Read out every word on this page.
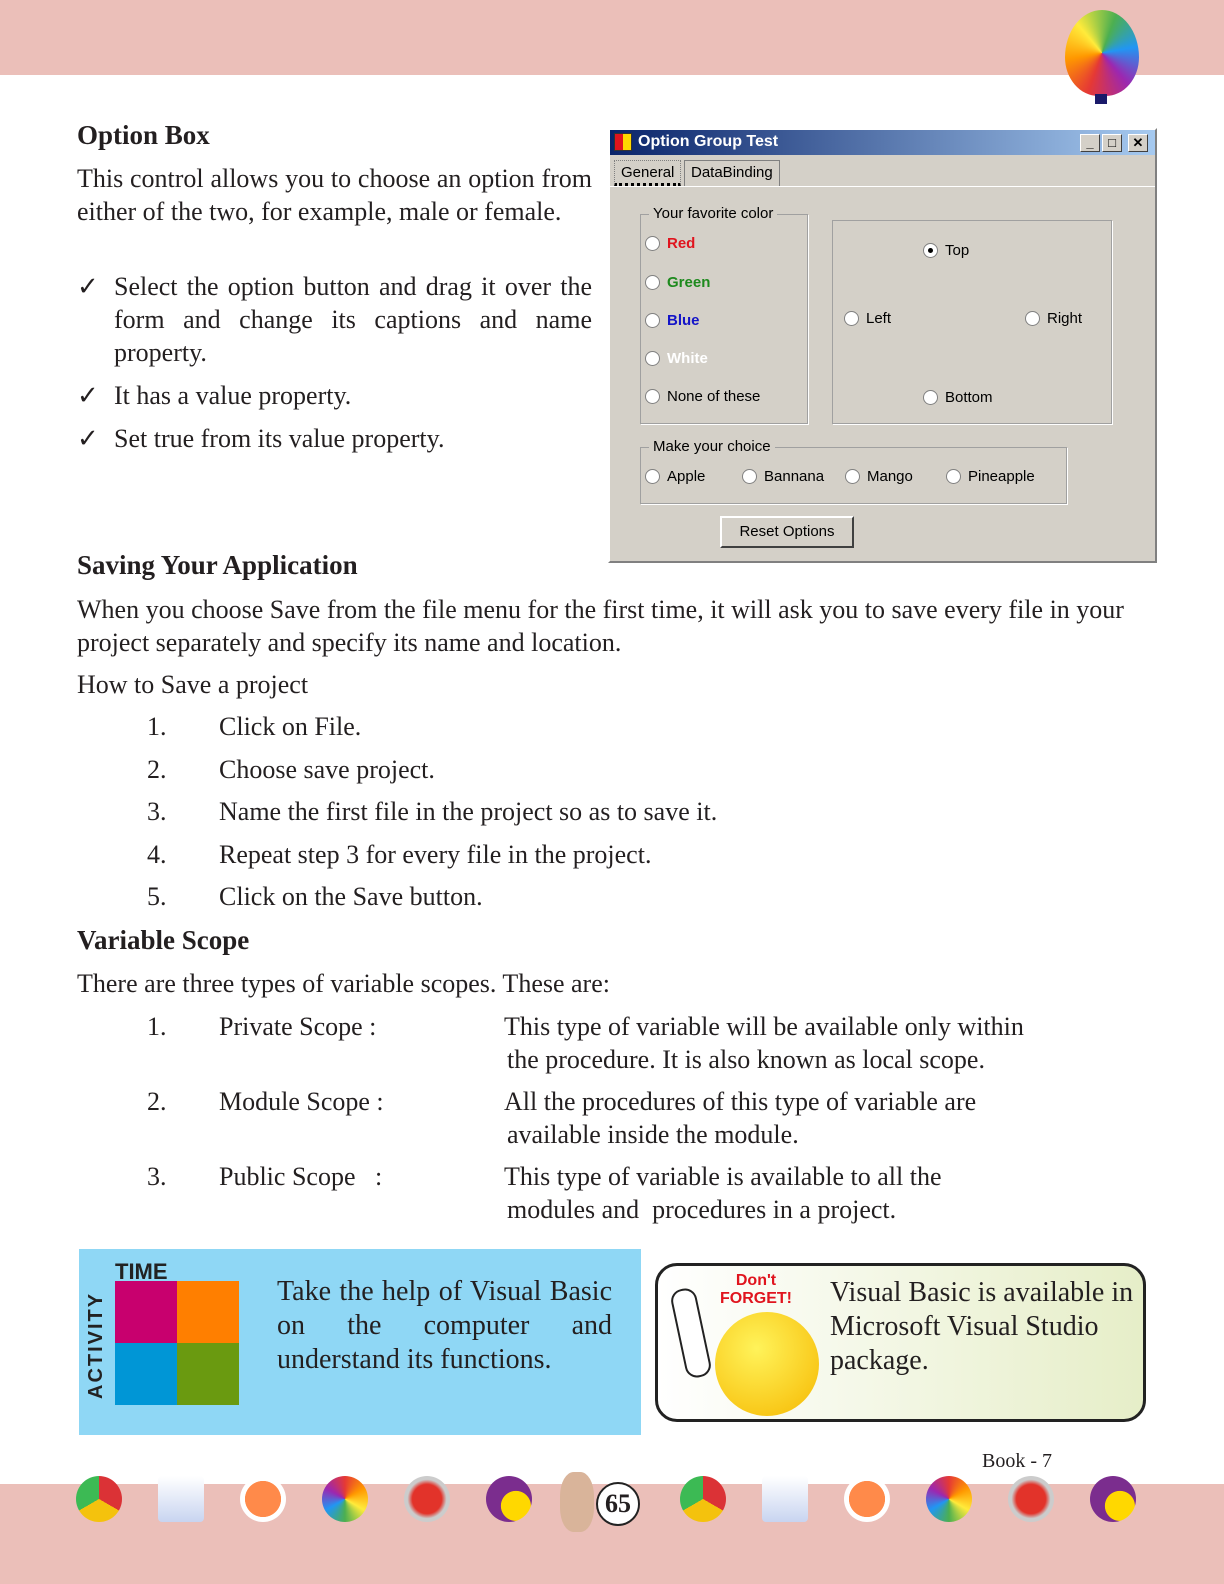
Option Box
This control allows you to choose an option from either of the two, for example, male or female.
✓ Select the option button and drag it over the form and change its captions and name property.
✓ It has a value property.
✓ Set true from its value property.
Option Group Test	_	□	✕
General	DataBinding
Your favorite color
Red
Green
Blue
White
None of these
Top
Left	Right
Bottom
Make your choice
Apple	Bannana	Mango	Pineapple
Reset Options
Saving Your Application
When you choose Save from the file menu for the first time, it will ask you to save every file in your project separately and specify its name and location.
How to Save a project
1. Click on File.
2. Choose save project.
3. Name the first file in the project so as to save it.
4. Repeat step 3 for every file in the project.
5. Click on the Save button.
Variable Scope
There are three types of variable scopes. These are:
1. Private Scope :	This type of variable will be available only within
the procedure. It is also known as local scope.
2. Module Scope :	All the procedures of this type of variable are
available inside the module.
3. Public Scope   :	This type of variable is available to all the
modules and  procedures in a project.
ACTIVITY
TIME
Take the help of Visual Basic on the computer and understand its functions.
Don't
FORGET! Visual Basic is available in Microsoft Visual Studio package.
Book - 7
65
